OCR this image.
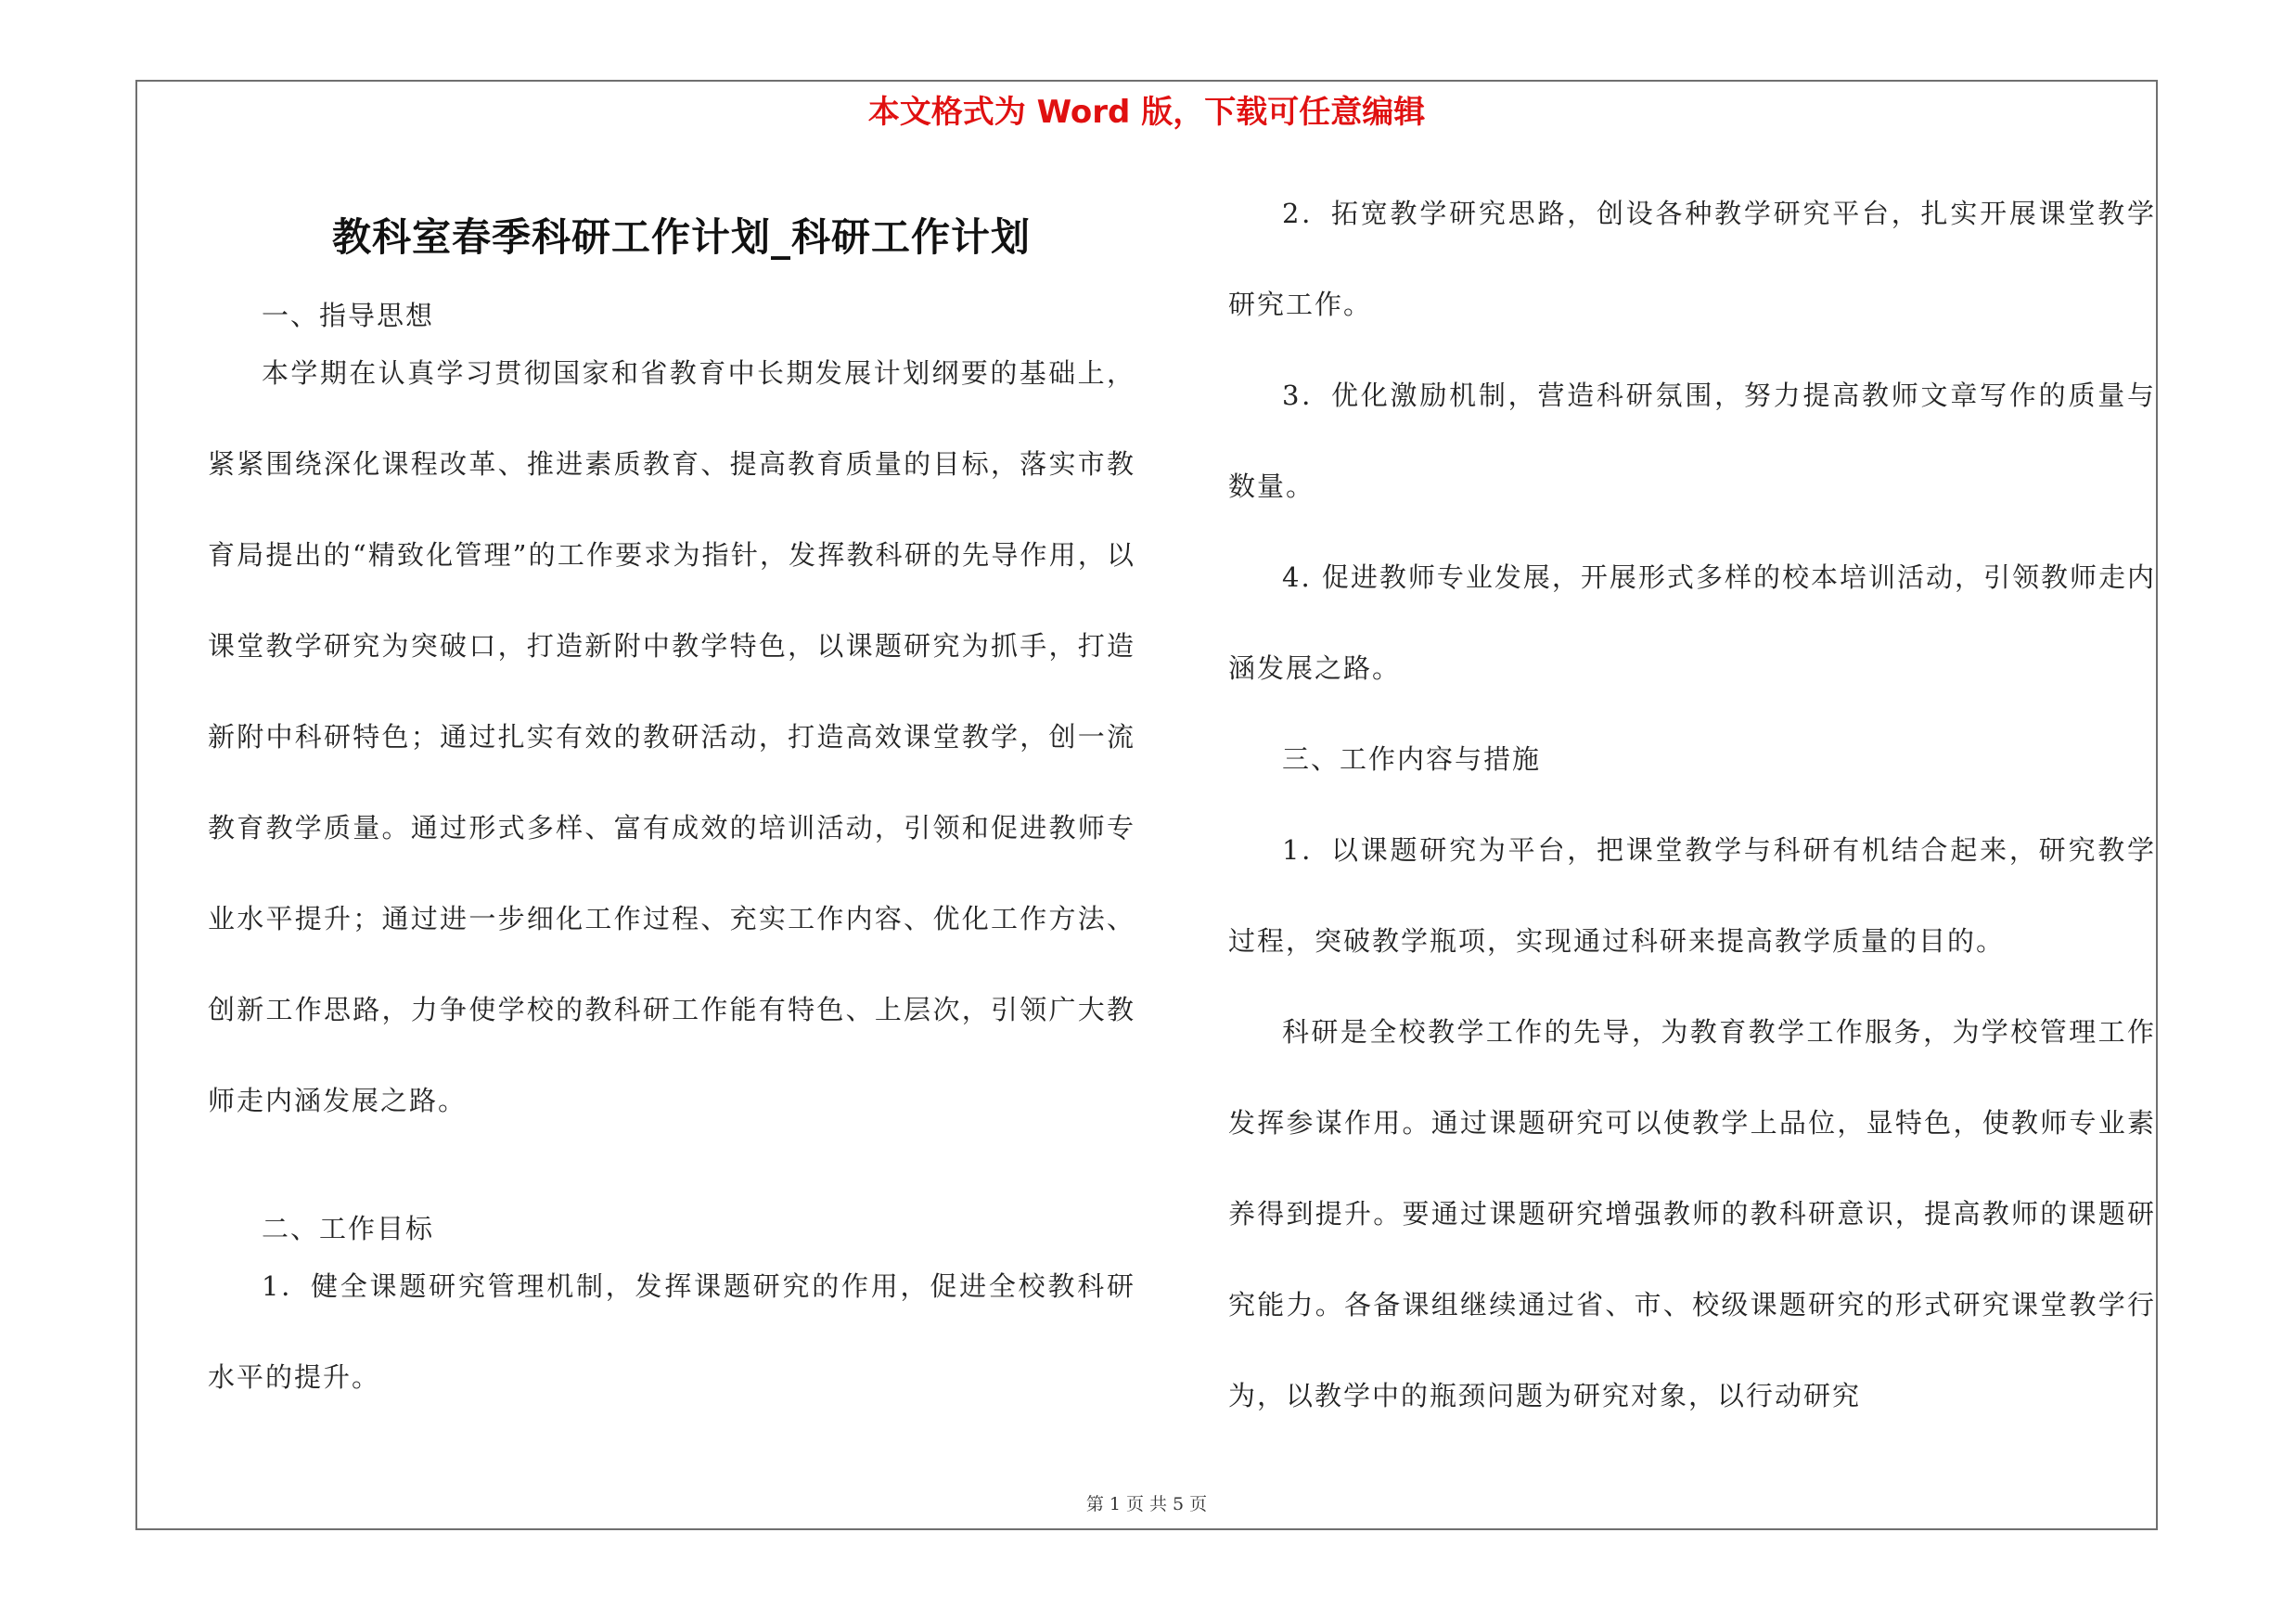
本文格式为 Word 版，下载可任意编辑
教科室春季科研工作计划_科研工作计划

一、指导思想

本学期在认真学习贯彻国家和省教育中长期发展计划纲要的基础上，紧紧围绕深化课程改革、推进素质教育、提高教育质量的目标，落实市教育局提出的“精致化管理”的工作要求为指针，发挥教科研的先导作用，以课堂教学研究为突破口，打造新附中教学特色，以课题研究为抓手，打造新附中科研特色；通过扎实有效的教研活动，打造高效课堂教学，创一流教育教学质量。通过形式多样、富有成效的培训活动，引领和促进教师专业水平提升；通过进一步细化工作过程、充实工作内容、优化工作方法、创新工作思路，力争使学校的教科研工作能有特色、上层次，引领广大教师走内涵发展之路。

二、工作目标

1．健全课题研究管理机制，发挥课题研究的作用，促进全校教科研水平的提升。

2．拓宽教学研究思路，创设各种教学研究平台，扎实开展课堂教学研究工作。

3．优化激励机制，营造科研氛围，努力提高教师文章写作的质量与数量。

4. 促进教师专业发展，开展形式多样的校本培训活动，引领教师走内涵发展之路。

三、工作内容与措施

1．以课题研究为平台，把课堂教学与科研有机结合起来，研究教学过程，突破教学瓶项，实现通过科研来提高教学质量的目的。

科研是全校教学工作的先导，为教育教学工作服务，为学校管理工作发挥参谋作用。通过课题研究可以使教学上品位，显特色，使教师专业素养得到提升。要通过课题研究增强教师的教科研意识，提高教师的课题研究能力。各备课组继续通过省、市、校级课题研究的形式研究课堂教学行为，以教学中的瓶颈问题为研究对象，以行动研究

第 1 页 共 5 页
